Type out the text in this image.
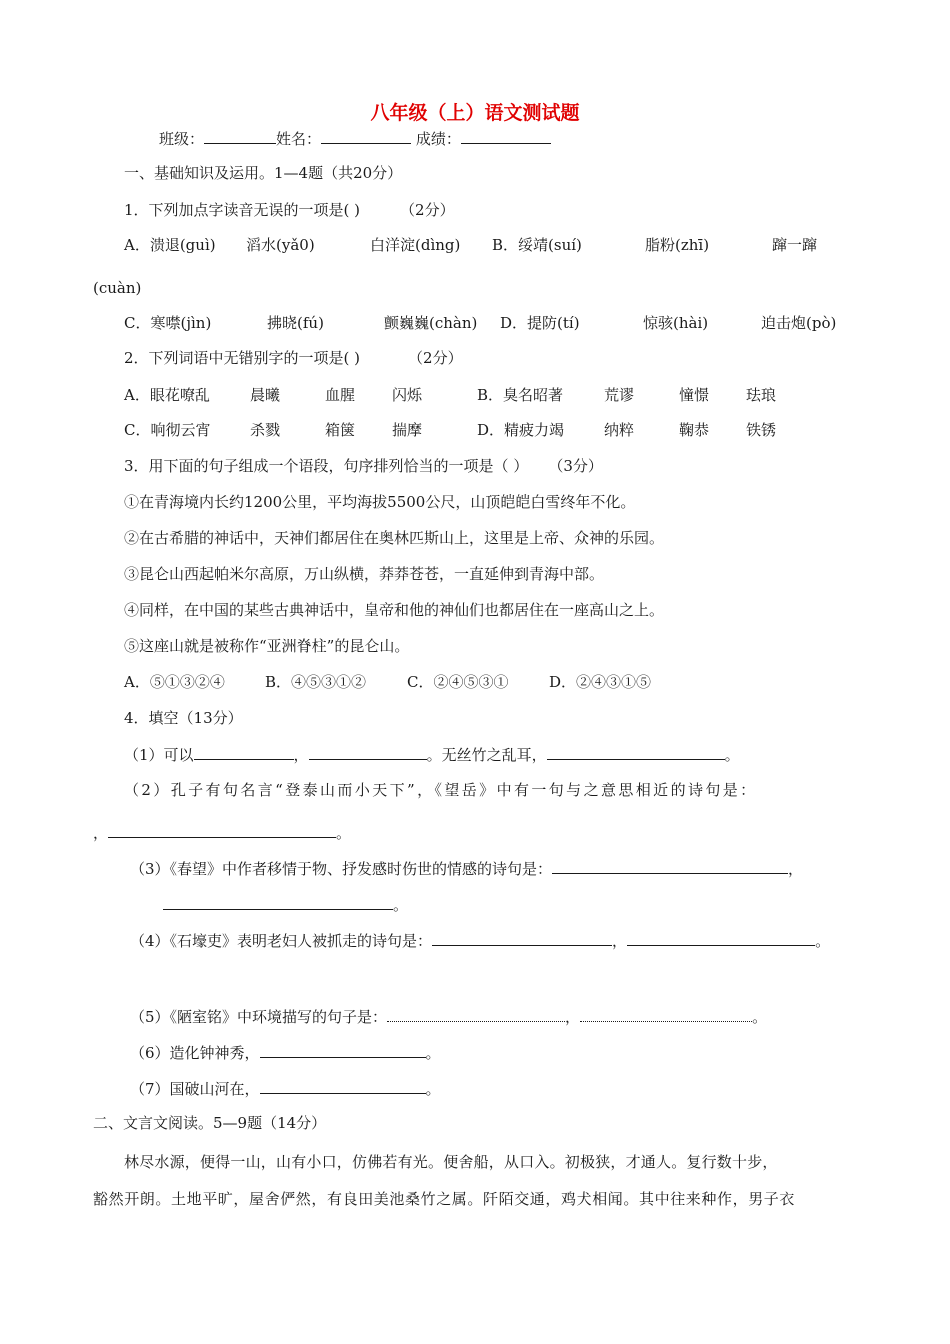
八年级（上）语文测试题
班级：	姓名：	成绩：
一、基础知识及运用。1—4题（共20分）
1．下列加点字读音无误的一项是( )	（2分）
A．溃退(guì) 滔水(yǎ0)	白洋淀(dìng) B．绥靖(suí)	脂粉(zhī)	蹿一蹿
(cuàn)
C．寒噤(jìn)	拂晓(fú)	颤巍巍(chàn) D．提防(tí)	惊骇(hài)	迫击炮(pò)
2．下列词语中无错别字的一项是( )	（2分）
A．眼花嘹乱	晨曦	血腥 闪烁	B．臭名昭著	荒谬	憧憬 珐琅
C．响彻云宵	杀戮	箱箧 揣摩	D．精疲力竭	纳粹	鞠恭 铁锈
3．用下面的句子组成一个语段，句序排列恰当的一项是（ ） （3分）
①在青海境内长约1200公里，平均海拔5500公尺，山顶皑皑白雪终年不化。
②在古希腊的神话中，天神们都居住在奥林匹斯山上，这里是上帝、众神的乐园。
③昆仑山西起帕米尔高原，万山纵横，莽莽苍苍，一直延伸到青海中部。
④同样，在中国的某些古典神话中，皇帝和他的神仙们也都居住在一座高山之上。
⑤这座山就是被称作“亚洲脊柱”的昆仑山。
A．⑤①③②④	B．④⑤③①②	C．②④⑤③①	D．②④③①⑤
4．填空（13分）
（1）可以	，	。无丝竹之乱耳，	。
（2）孔子有句名言“登泰山而小天下”，《望岳》中有一句与之意思相近的诗句是：
，	。
（3）《春望》中作者移情于物、抒发感时伤世的情感的诗句是：	，
。
（4）《石壕吏》表明老妇人被抓走的诗句是：	，	。
（5）《陋室铭》中环境描写的句子是：	，	。
（6）造化钟神秀，	。
（7）国破山河在，	。
二、文言文阅读。5—9题（14分）
林尽水源，便得一山，山有小口，仿佛若有光。便舍船，从口入。初极狭，才通人。复行数十步，
豁然开朗。土地平旷，屋舍俨然，有良田美池桑竹之属。阡陌交通，鸡犬相闻。其中往来种作，男子衣
